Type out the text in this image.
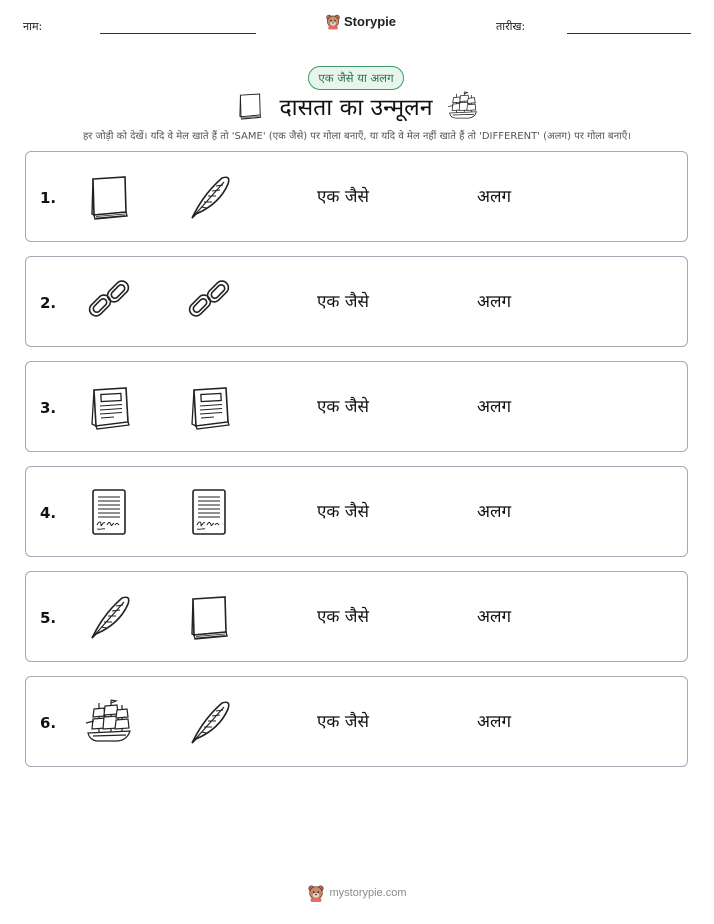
नाम:	Storypie	तारीख:
एक जैसे या अलग
दासता का उन्मूलन
हर जोड़ी को देखें। यदि वे मेल खाते हैं तो 'SAME' (एक जैसे) पर गोला बनाएँ, या यदि वे मेल नहीं खाते हैं तो 'DIFFERENT' (अलग) पर गोला बनाएँ।
1.	एक जैसे	अलग
2.	एक जैसे	अलग
3.	एक जैसे	अलग
4.	एक जैसे	अलग
5.	एक जैसे	अलग
6.	एक जैसे	अलग
mystorypie.com
